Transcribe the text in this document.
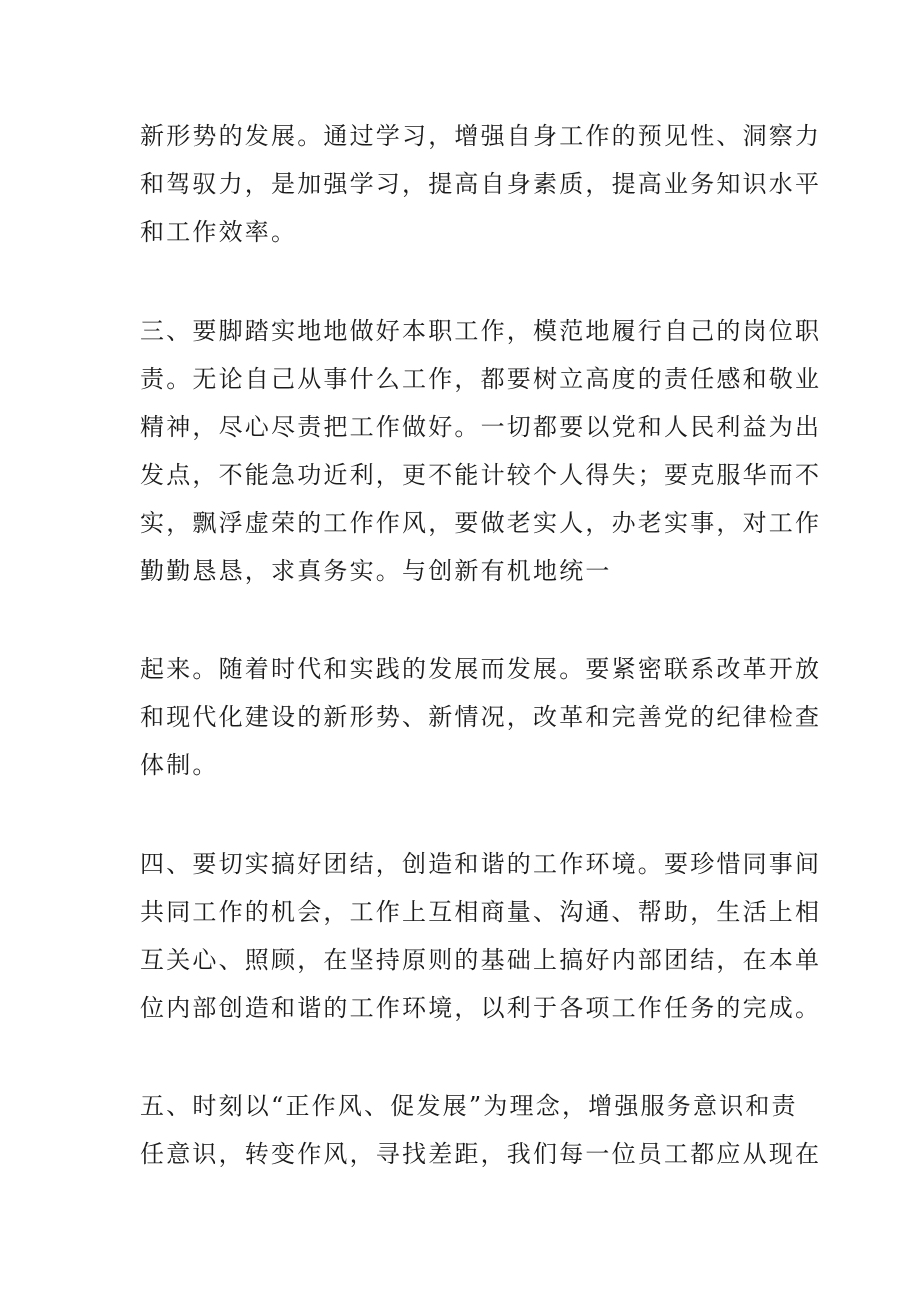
新形势的发展。通过学习，增强自身工作的预见性、洞察力

和驾驭力，是加强学习，提高自身素质，提高业务知识水平

和工作效率。

三、要脚踏实地地做好本职工作，模范地履行自己的岗位职

责。无论自己从事什么工作，都要树立高度的责任感和敬业

精神，尽心尽责把工作做好。一切都要以党和人民利益为出

发点，不能急功近利，更不能计较个人得失；要克服华而不

实，飘浮虚荣的工作作风，要做老实人，办老实事，对工作

勤勤恳恳，求真务实。与创新有机地统一

起来。随着时代和实践的发展而发展。要紧密联系改革开放

和现代化建设的新形势、新情况，改革和完善党的纪律检查

体制。

四、要切实搞好团结，创造和谐的工作环境。要珍惜同事间

共同工作的机会，工作上互相商量、沟通、帮助，生活上相

互关心、照顾，在坚持原则的基础上搞好内部团结，在本单

位内部创造和谐的工作环境，以利于各项工作任务的完成。

五、时刻以“正作风、促发展”为理念，增强服务意识和责

任意识，转变作风，寻找差距，我们每一位员工都应从现在
